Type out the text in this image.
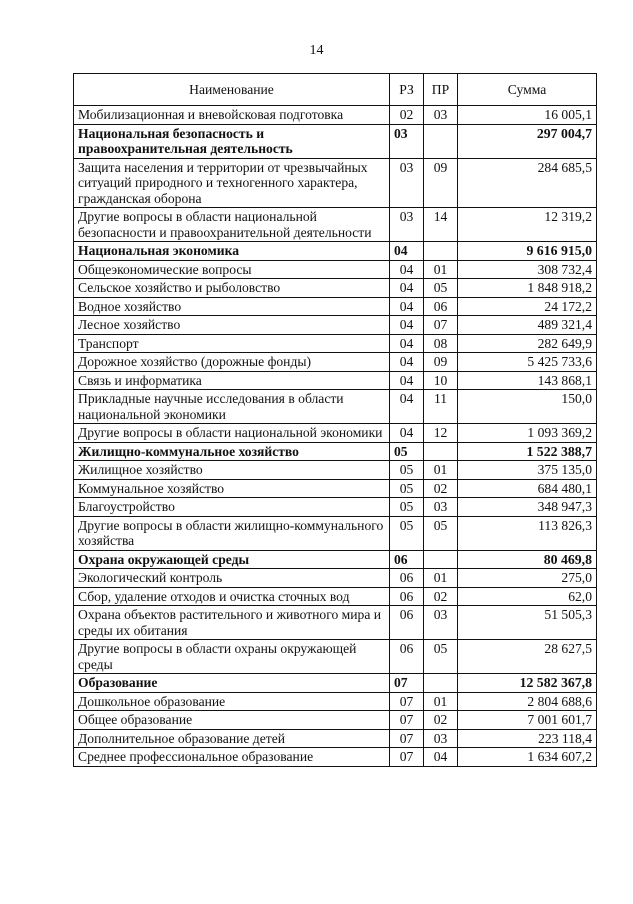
14
Наименование	РЗ	ПР	Сумма
Мобилизационная и вневойсковая подготовка	02	03	16 005,1
Национальная безопасность и правоохранительная деятельность	03		297 004,7
Защита населения и территории от чрезвычайных ситуаций природного и техногенного характера, гражданская оборона	03	09	284 685,5
Другие вопросы в области национальной безопасности и правоохранительной деятельности	03	14	12 319,2
Национальная экономика	04		9 616 915,0
Общеэкономические вопросы	04	01	308 732,4
Сельское хозяйство и рыболовство	04	05	1 848 918,2
Водное хозяйство	04	06	24 172,2
Лесное хозяйство	04	07	489 321,4
Транспорт	04	08	282 649,9
Дорожное хозяйство (дорожные фонды)	04	09	5 425 733,6
Связь и информатика	04	10	143 868,1
Прикладные научные исследования в области национальной экономики	04	11	150,0
Другие вопросы в области национальной экономики	04	12	1 093 369,2
Жилищно-коммунальное хозяйство	05		1 522 388,7
Жилищное хозяйство	05	01	375 135,0
Коммунальное хозяйство	05	02	684 480,1
Благоустройство	05	03	348 947,3
Другие вопросы в области жилищно-коммунального хозяйства	05	05	113 826,3
Охрана окружающей среды	06		80 469,8
Экологический контроль	06	01	275,0
Сбор, удаление отходов и очистка сточных вод	06	02	62,0
Охрана объектов растительного и животного мира и среды их обитания	06	03	51 505,3
Другие вопросы в области охраны окружающей среды	06	05	28 627,5
Образование	07		12 582 367,8
Дошкольное образование	07	01	2 804 688,6
Общее образование	07	02	7 001 601,7
Дополнительное образование детей	07	03	223 118,4
Среднее профессиональное образование	07	04	1 634 607,2
